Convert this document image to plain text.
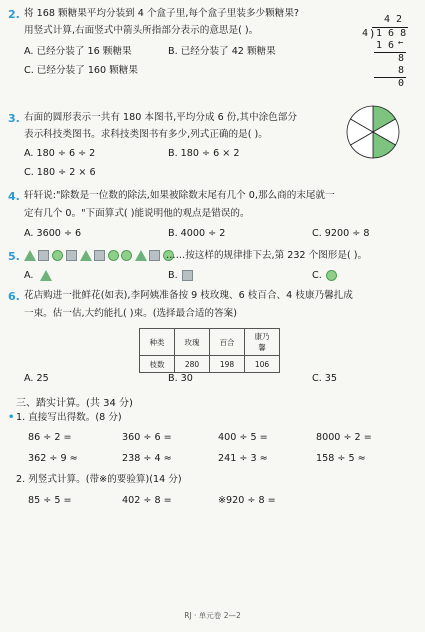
2. 将 168 颗糖果平均分装到 4 个盒子里,每个盒子里装多少颗糖果?
用竖式计算,右面竖式中箭头所指部分表示的意思是( )。
A. 已经分装了 16 颗糖果	B. 已经分装了 42 颗糖果
C. 已经分装了 160 颗糖果
4 2
4 ) 1 6 8
1 6 ←
8
8
0
3. 右面的圆形表示一共有 180 本图书,平均分成 6 份,其中涂色部分
表示科技类图书。求科技类图书有多少,列式正确的是( )。
A. 180 ÷ 6 ÷ 2	B. 180 ÷ 6 × 2
C. 180 ÷ 2 × 6
4. 轩轩说:"除数是一位数的除法,如果被除数末尾有几个 0,那么商的末尾就一
定有几个 0。"下面算式( )能说明他的观点是错误的。
A. 3600 ÷ 6	B. 4000 ÷ 2	C. 9200 ÷ 8
5.	……按这样的规律排下去,第 232 个图形是( )。
A.	B.	C.
6. 花店购进一批鲜花(如表),李阿姨准备按 9 枝玫瑰、6 枝百合、4 枝康乃馨扎成
一束。估一估,大约能扎( )束。(选择最合适的答案)
种类	玫瑰	百合	康乃馨
枝数	280	198	106
A. 25	B. 30	C. 35
三、踏实计算。(共 34 分)
• 1. 直接写出得数。(8 分)
86 ÷ 2 =	360 ÷ 6 =	400 ÷ 5 =	8000 ÷ 2 =
362 ÷ 9 ≈	238 ÷ 4 ≈	241 ÷ 3 ≈	158 ÷ 5 ≈
2. 列竖式计算。(带※的要验算)(14 分)
85 ÷ 5 =	402 ÷ 8 =	※920 ÷ 8 =
RJ · 单元卷 2—2
